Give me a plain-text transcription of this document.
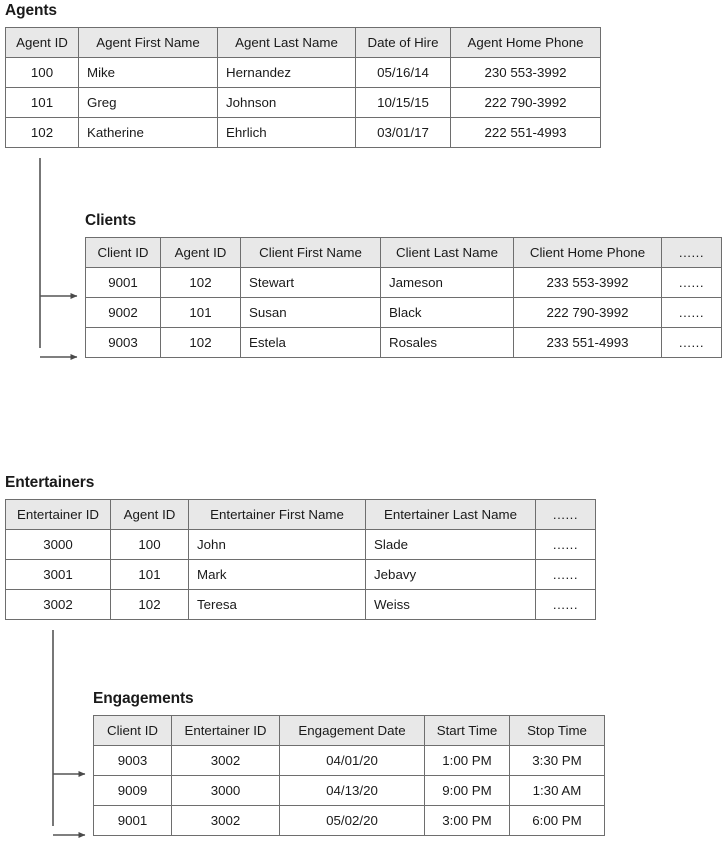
Agents
Agent ID	Agent First Name	Agent Last Name	Date of Hire	Agent Home Phone
100	Mike	Hernandez	05/16/14	230 553-3992
101	Greg	Johnson	10/15/15	222 790-3992
102	Katherine	Ehrlich	03/01/17	222 551-4993
Clients
Client ID	Agent ID	Client First Name	Client Last Name	Client Home Phone	......
9001	102	Stewart	Jameson	233 553-3992	......
9002	101	Susan	Black	222 790-3992	......
9003	102	Estela	Rosales	233 551-4993	......
Entertainers
Entertainer ID	Agent ID	Entertainer First Name	Entertainer Last Name	......
3000	100	John	Slade	......
3001	101	Mark	Jebavy	......
3002	102	Teresa	Weiss	......
Engagements
Client ID	Entertainer ID	Engagement Date	Start Time	Stop Time
9003	3002	04/01/20	1:00 PM	3:30 PM
9009	3000	04/13/20	9:00 PM	1:30 AM
9001	3002	05/02/20	3:00 PM	6:00 PM
